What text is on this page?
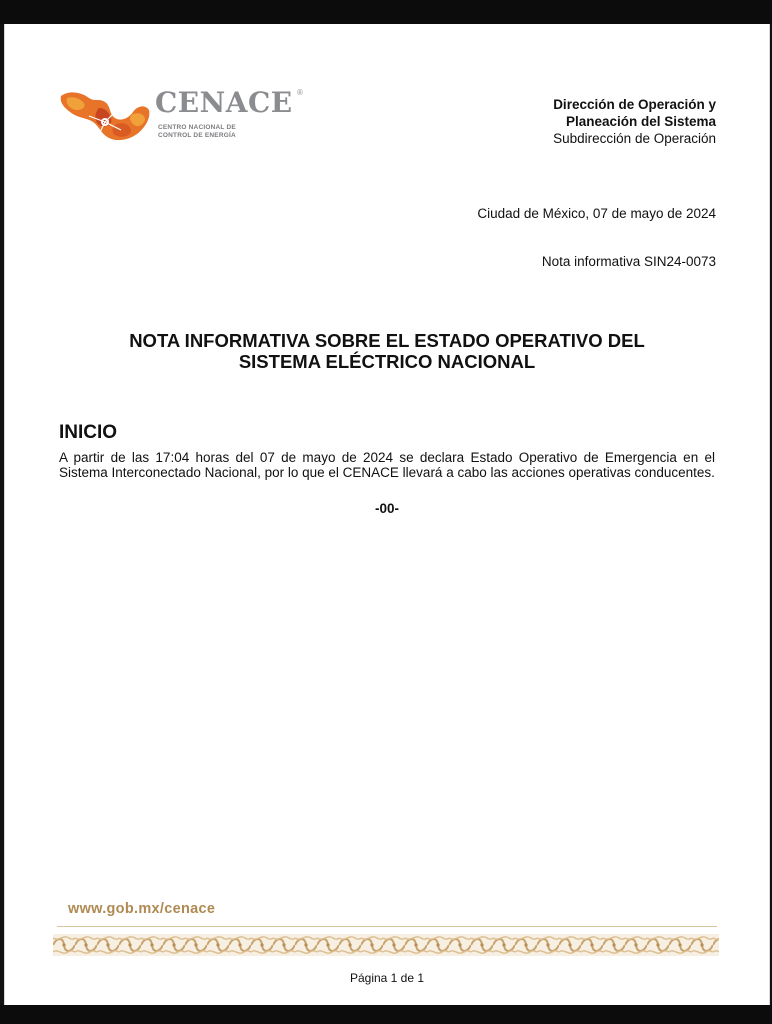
CENACE ®
CENTRO NACIONAL DE
CONTROL DE ENERGÍA
Dirección de Operación y
Planeación del Sistema
Subdirección de Operación
Ciudad de México, 07 de mayo de 2024
Nota informativa SIN24-0073
NOTA INFORMATIVA SOBRE EL ESTADO OPERATIVO DEL
SISTEMA ELÉCTRICO NACIONAL
INICIO
A partir de las 17:04 horas del 07 de mayo de 2024 se declara Estado Operativo de Emergencia en el Sistema Interconectado Nacional, por lo que el CENACE llevará a cabo las acciones operativas conducentes.
-00-
www.gob.mx/cenace
Página 1 de 1
